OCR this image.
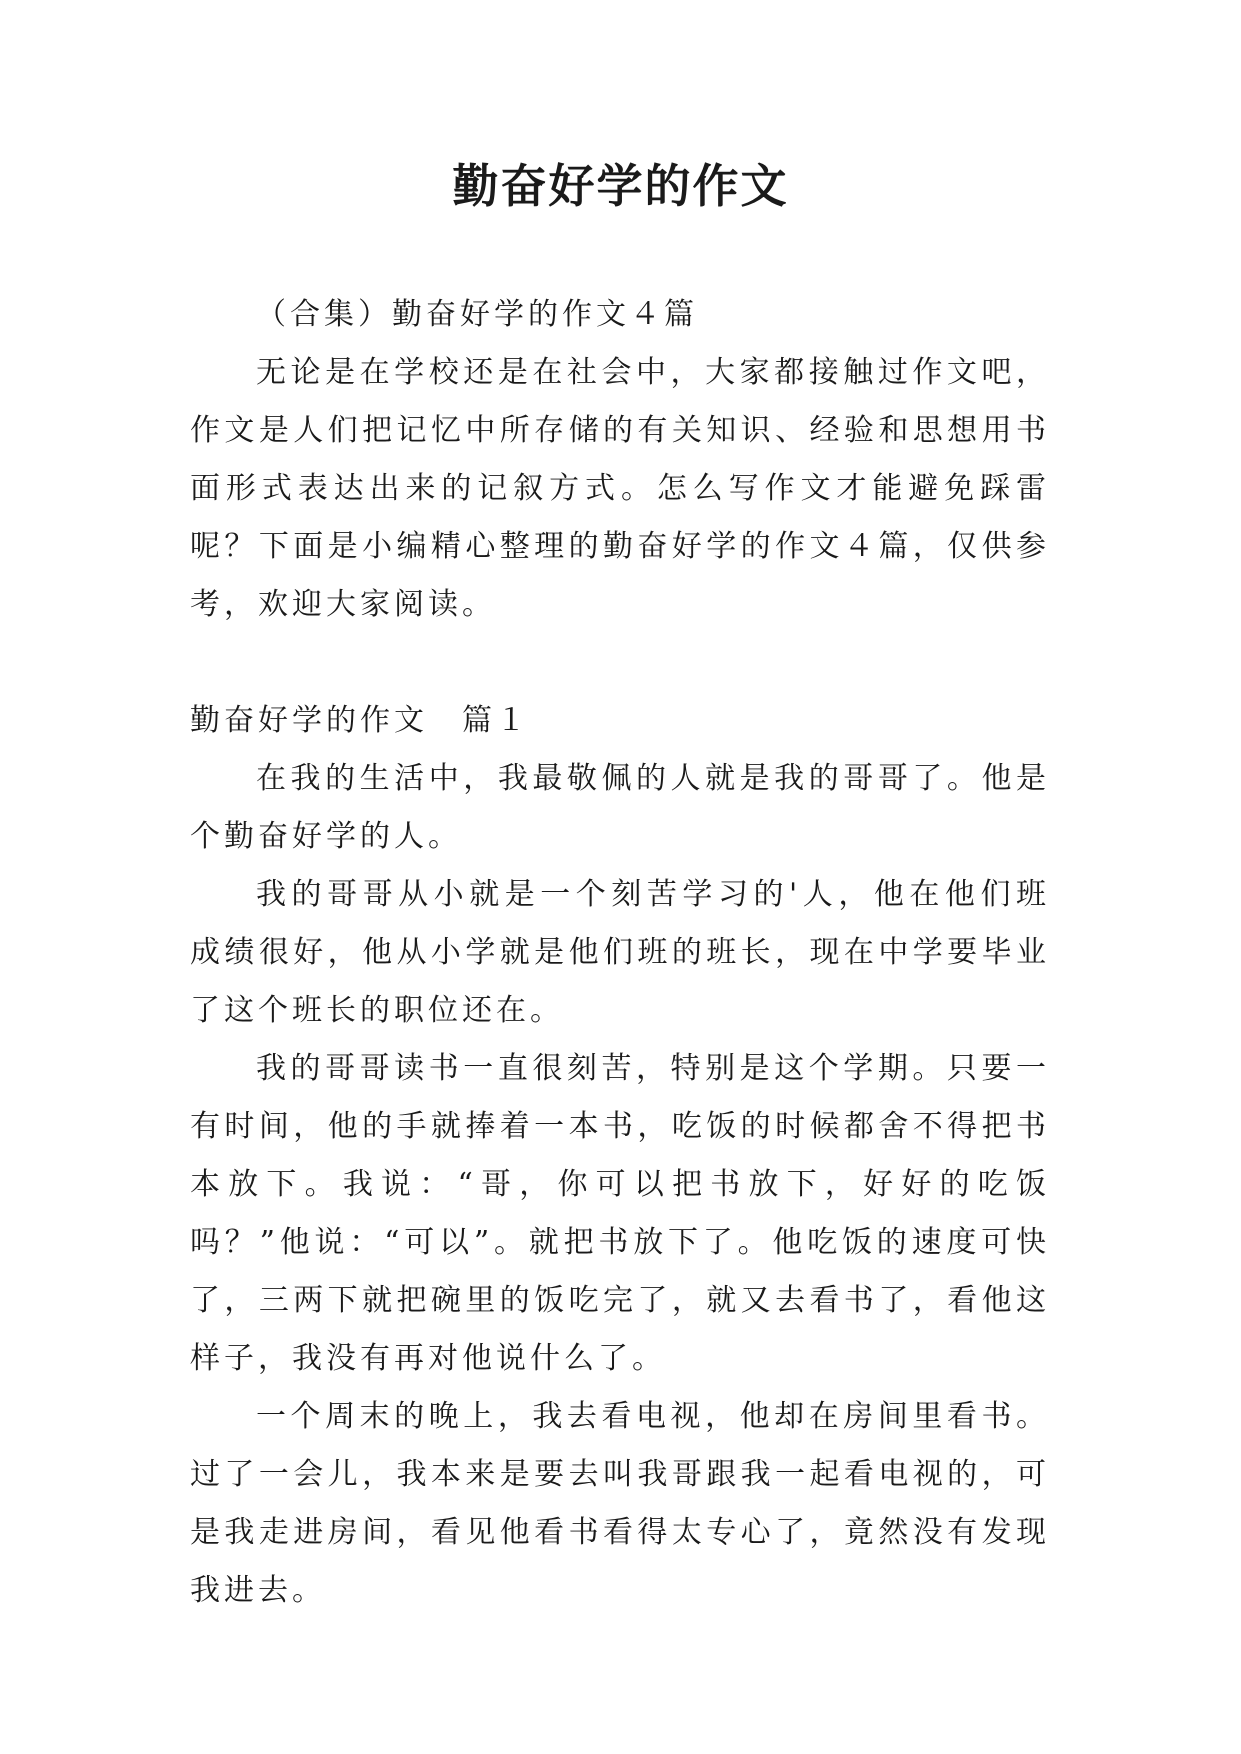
勤奋好学的作文

（合集）勤奋好学的作文４篇

无论是在学校还是在社会中，大家都接触过作文吧，作文是人们把记忆中所存储的有关知识、经验和思想用书面形式表达出来的记叙方式。怎么写作文才能避免踩雷呢？下面是小编精心整理的勤奋好学的作文４篇，仅供参考，欢迎大家阅读。

勤奋好学的作文　篇１

在我的生活中，我最敬佩的人就是我的哥哥了。他是个勤奋好学的人。

我的哥哥从小就是一个刻苦学习的'人，他在他们班成绩很好，他从小学就是他们班的班长，现在中学要毕业了这个班长的职位还在。

我的哥哥读书一直很刻苦，特别是这个学期。只要一有时间，他的手就捧着一本书，吃饭的时候都舍不得把书本放下。我说：“哥，你可以把书放下，好好的吃饭吗？”他说：“可以”。就把书放下了。他吃饭的速度可快了，三两下就把碗里的饭吃完了，就又去看书了，看他这样子，我没有再对他说什么了。

一个周末的晚上，我去看电视，他却在房间里看书。过了一会儿，我本来是要去叫我哥跟我一起看电视的，可是我走进房间，看见他看书看得太专心了，竟然没有发现我进去。
